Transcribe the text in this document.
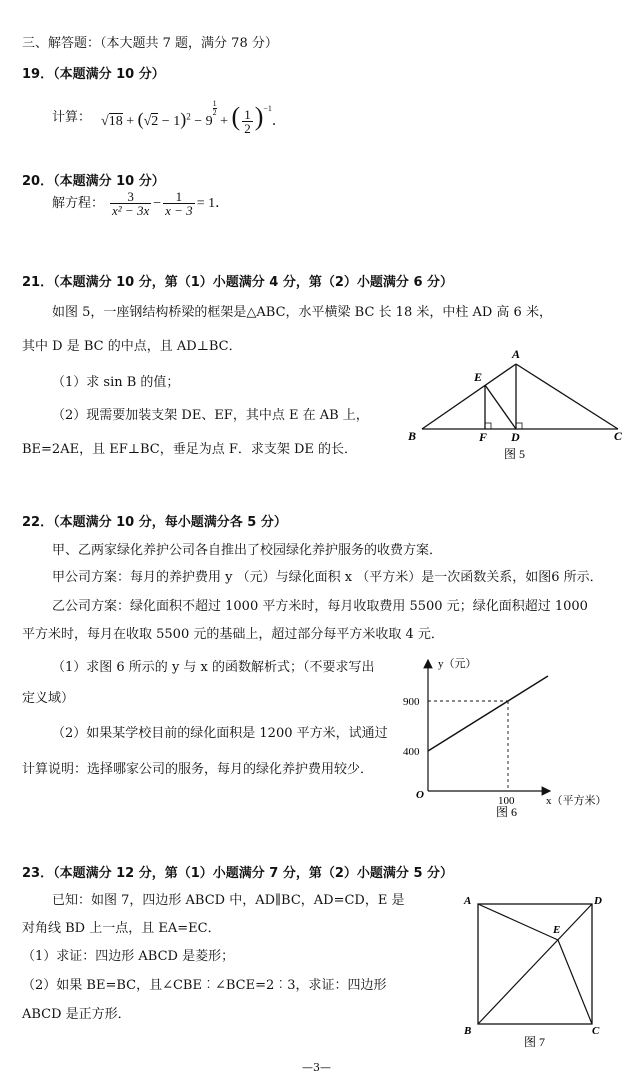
三、解答题：（本大题共 7 题，满分 78 分）
19．（本题满分 10 分）
计算： $√18 + (√2 - 1)^2 - 9$
$^{\frac{1}{2}}$
+ ( $\frac{1}{2} )^{-1}$．
20．（本题满分 10 分）
解方程： $\frac{3}{\text{x² − 3x}} - \frac{1}{x - 3} = 1$．
21．（本题满分 10 分，第（1）小题满分 4 分，第（2）小题满分 6 分）
如图 5，一座钢结构桥梁的框架是△ABC，水平横梁 BC 长 18 米，中柱 AD 高 6 米，
其中 D 是 BC 的中点，且 AD⊥BC．
（1）求 sin B 的值；
（2）现需要加装支架 DE、EF，其中点 E 在 AB 上，
BE=2AE，且 EF⊥BC，垂足为点 F．求支架 DE 的长．
A
B	C
D
E
F
图 5
22．（本题满分 10 分，每小题满分各 5 分）
甲、乙两家绿化养护公司各自推出了校园绿化养护服务的收费方案．
甲公司方案：每月的养护费用 y （元）与绿化面积 x （平方米）是一次函数关系，如图6 所示．
乙公司方案：绿化面积不超过 1000 平方米时，每月收取费用 5500 元；绿化面积超过 1000
平方米时，每月在收取 5500 元的基础上，超过部分每平方米收取 4 元．
（1）求图 6 所示的 y 与 x 的函数解析式；（不要求写出
定义域）
（2）如果某学校目前的绿化面积是 1200 平方米，试通过
计算说明：选择哪家公司的服务，每月的绿化养护费用较少．
y（元）
x（平方米）
O
900
400
100
图 6
23．（本题满分 12 分，第（1）小题满分 7 分，第（2）小题满分 5 分）
已知：如图 7，四边形 ABCD 中，AD∥BC，AD=CD，E 是
对角线 BD 上一点，且 EA=EC．
（1）求证：四边形 ABCD 是菱形；
（2）如果 BE=BC，且∠CBE︰∠BCE=2︰3，求证：四边形
ABCD 是正方形．
A	D
B	C
E
图 7
—3—
